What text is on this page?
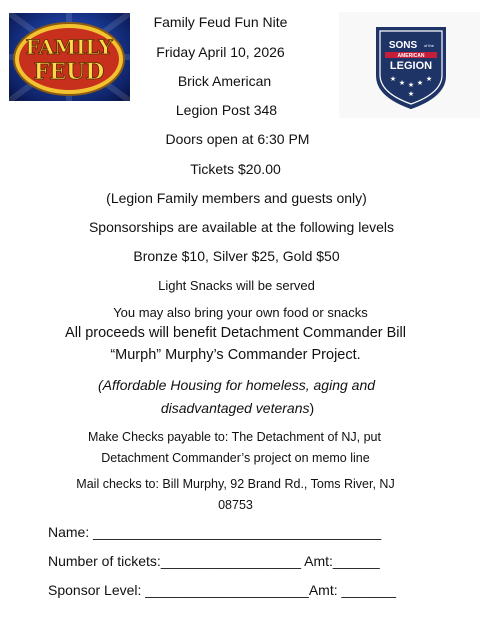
FAMILY
FEUD
SONS of the
AMERICAN
LEGION
★ ★ ★ ★ ★
★
Family Feud Fun Nite
Friday April 10, 2026
Brick American
Legion Post 348
Doors open at 6:30 PM
Tickets $20.00
(Legion Family members and guests only)
Sponsorships are available at the following levels
Bronze $10, Silver $25, Gold $50
Light Snacks will be served
You may also bring your own food or snacks
All proceeds will benefit Detachment Commander Bill
“Murph” Murphy’s Commander Project.
(Affordable Housing for homeless, aging and
disadvantaged veterans)
Make Checks payable to: The Detachment of NJ, put
Detachment Commander’s project on memo line
Mail checks to: Bill Murphy, 92 Brand Rd., Toms River, NJ
08753
Name: _____________________________________
Number of tickets:__________________ Amt:______
Sponsor Level: _____________________Amt: _______
